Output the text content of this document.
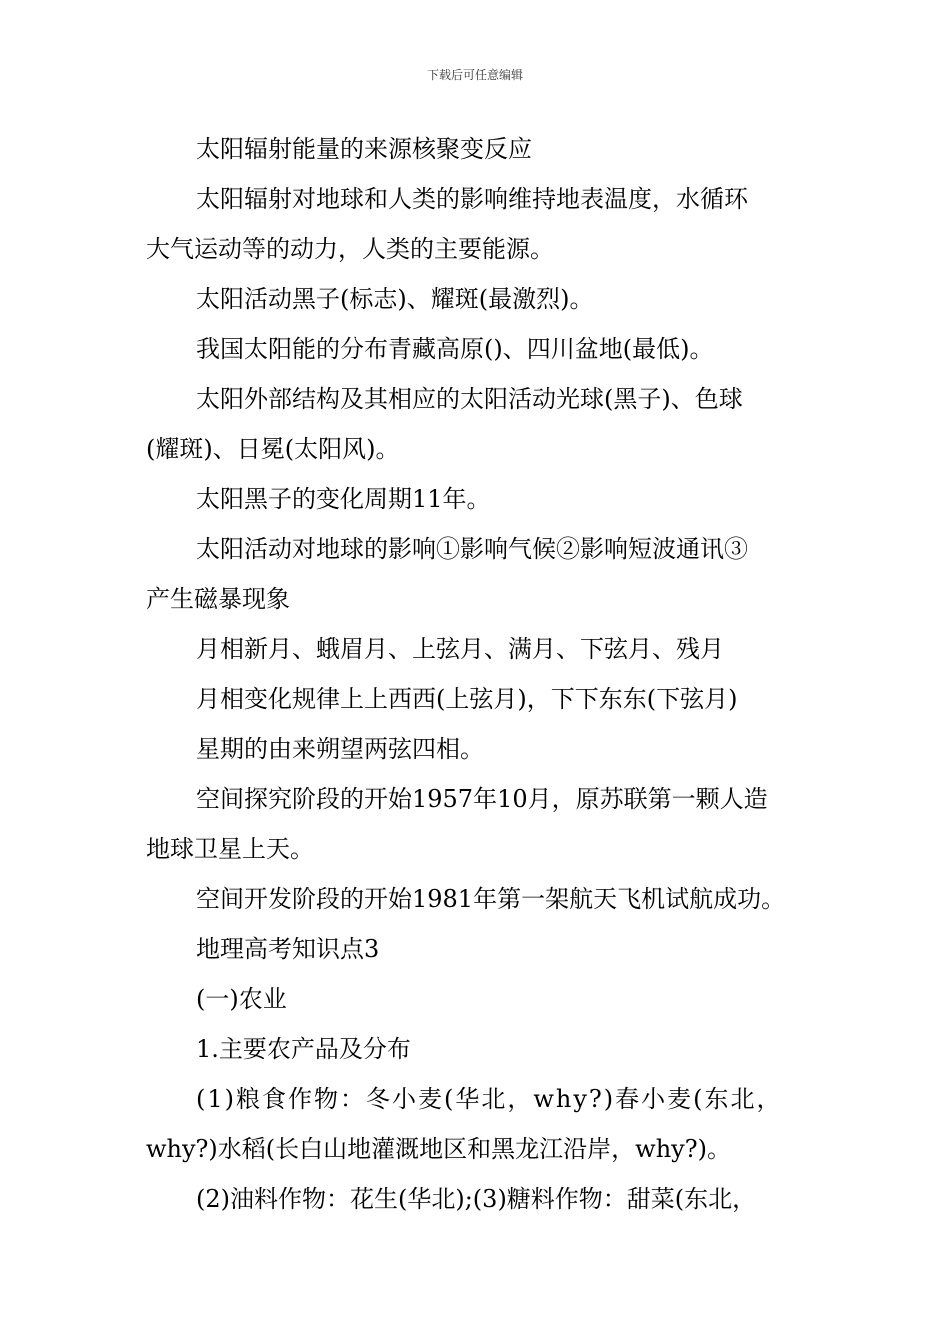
下载后可任意编辑

太阳辐射能量的来源核聚变反应

太阳辐射对地球和人类的影响维持地表温度，水循环

大气运动等的动力，人类的主要能源。

太阳活动黑子(标志)、耀斑(最激烈)。

我国太阳能的分布青藏高原()、四川盆地(最低)。

太阳外部结构及其相应的太阳活动光球(黑子)、色球

(耀斑)、日冕(太阳风)。

太阳黑子的变化周期11年。

太阳活动对地球的影响①影响气候②影响短波通讯③

产生磁暴现象

月相新月、蛾眉月、上弦月、满月、下弦月、残月

月相变化规律上上西西(上弦月)，下下东东(下弦月)

星期的由来朔望两弦四相。

空间探究阶段的开始1957年10月，原苏联第一颗人造

地球卫星上天。

空间开发阶段的开始1981年第一架航天飞机试航成功。

地理高考知识点3

(一)农业

1.主要农产品及分布

(1)粮食作物：冬小麦(华北，why?)春小麦(东北，

why?)水稻(长白山地灌溉地区和黑龙江沿岸，why?)。

(2)油料作物：花生(华北);(3)糖料作物：甜菜(东北，
